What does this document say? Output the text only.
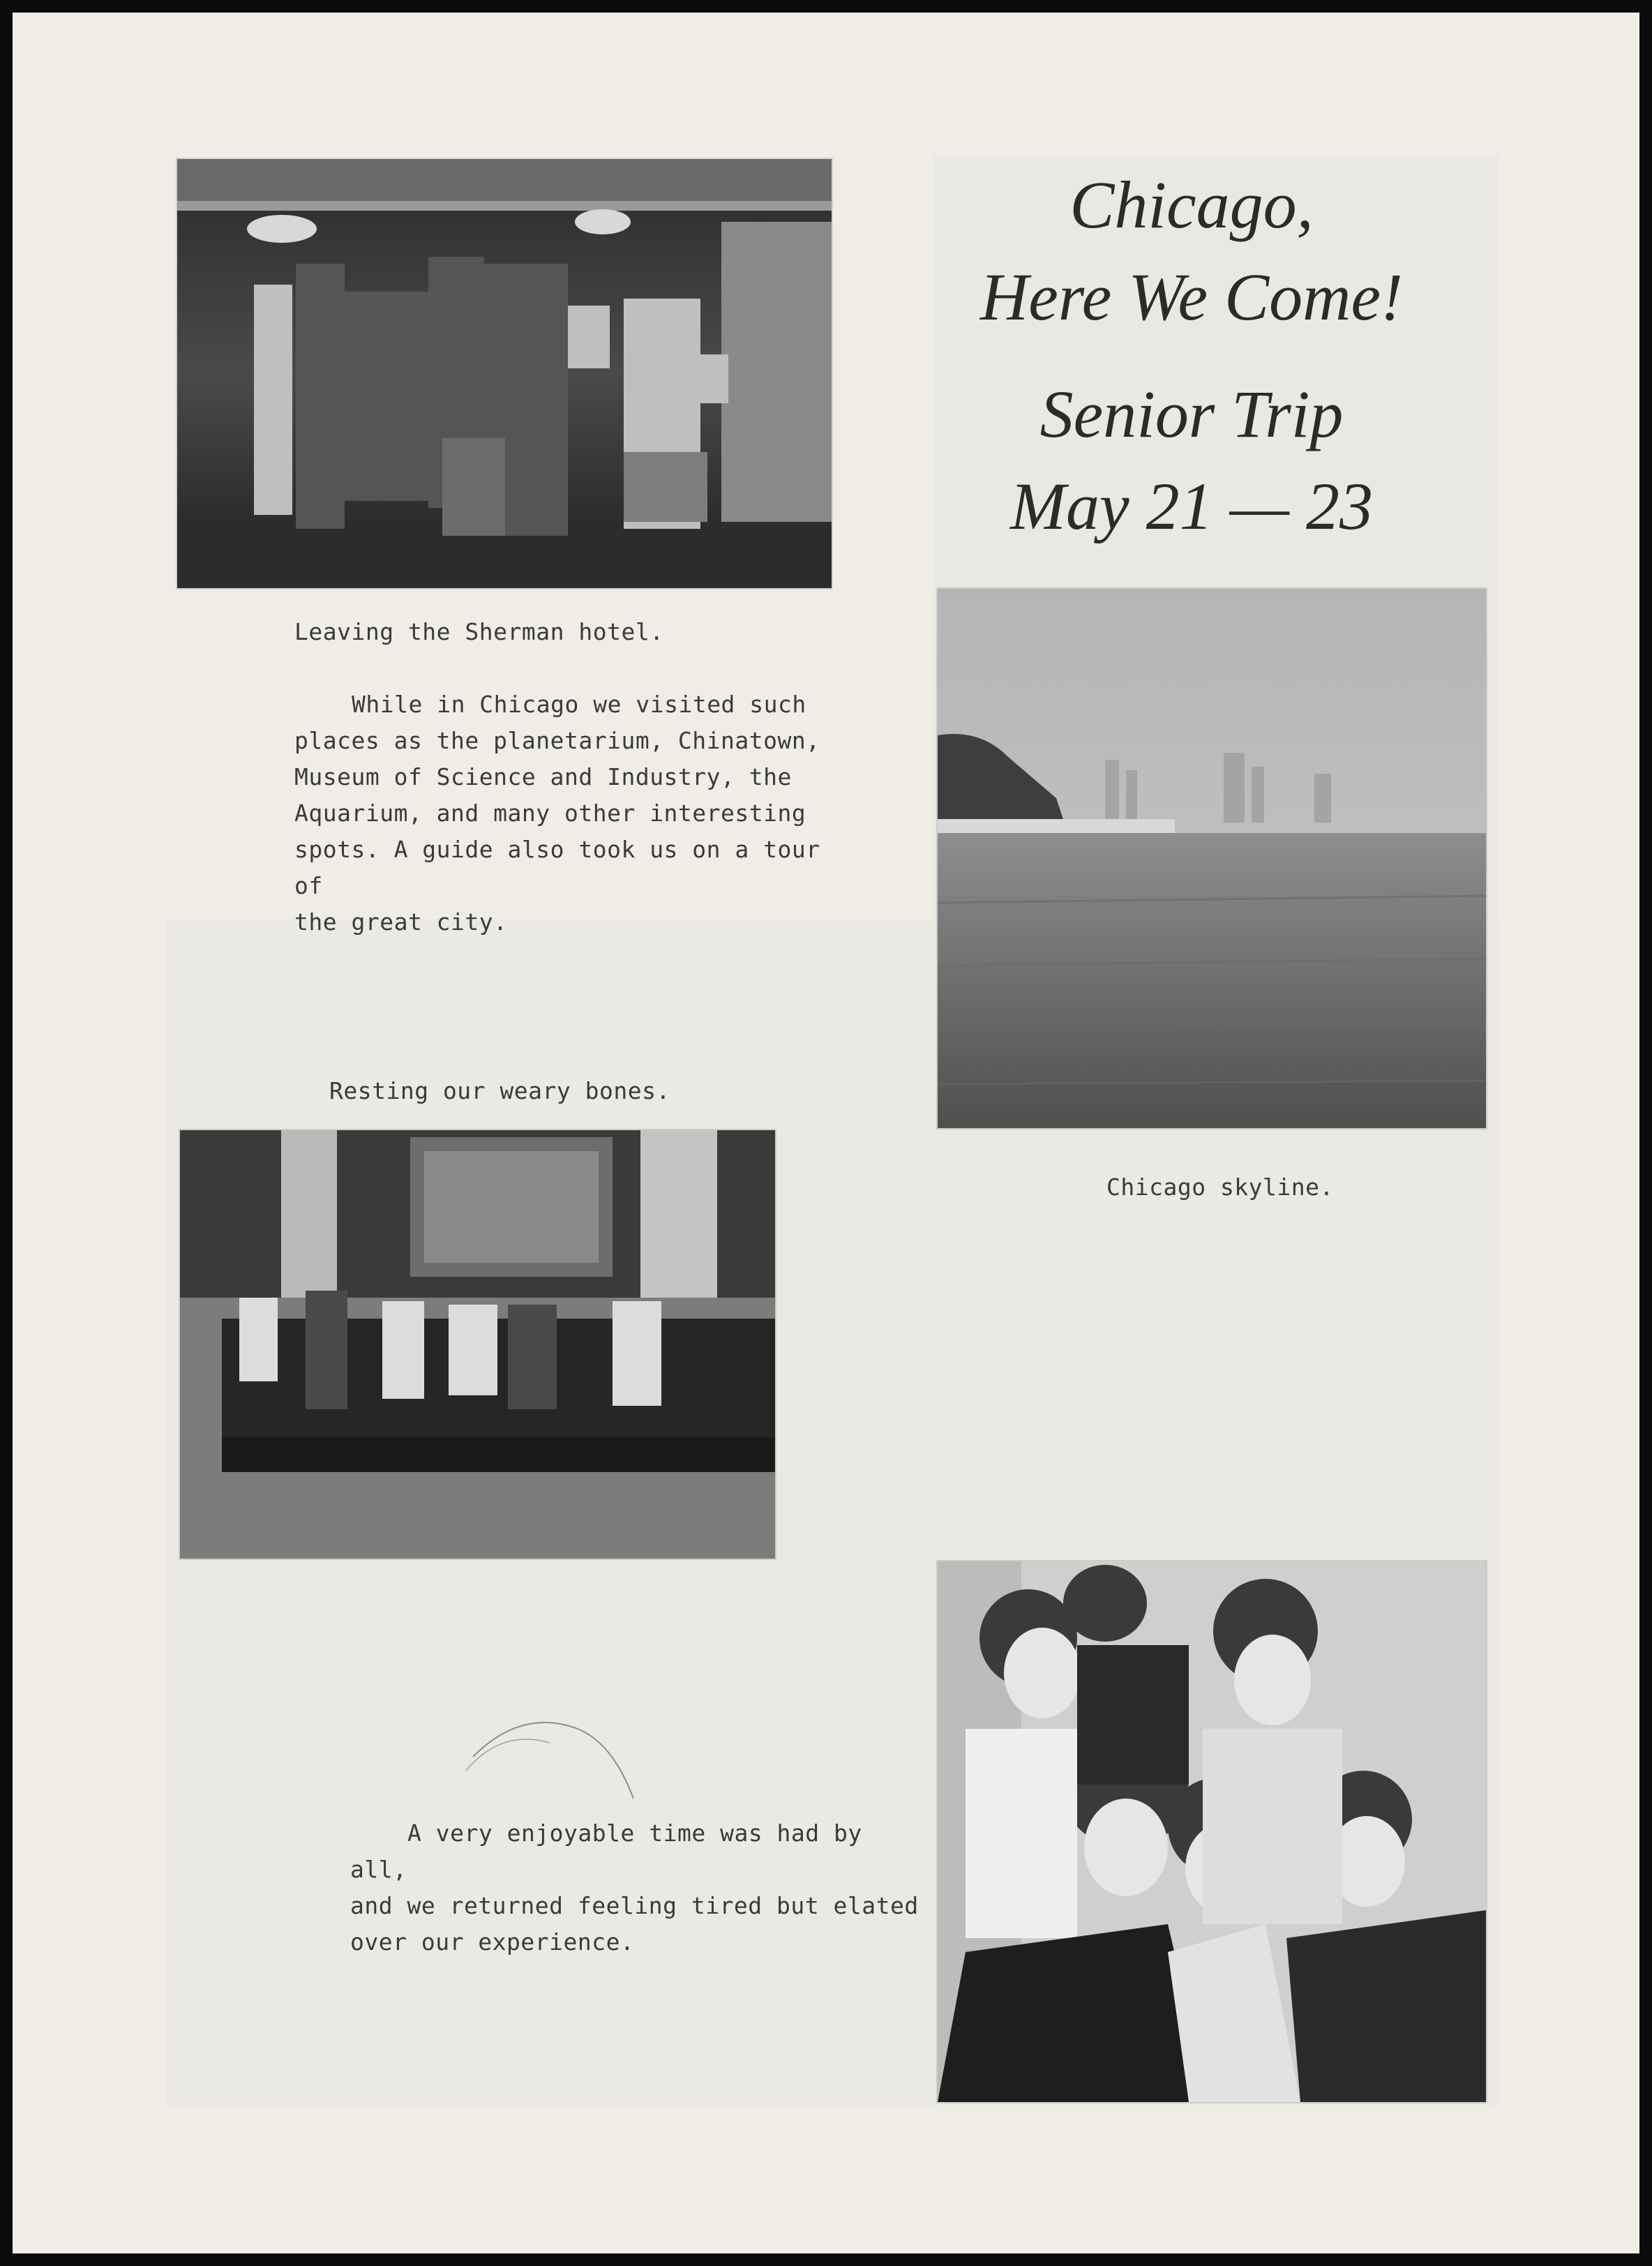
Chicago,
Here We Come!
Senior Trip
May 21 — 23
Leaving the Sherman hotel.
While in Chicago we visited such
places as the planetarium, Chinatown,
Museum of Science and Industry, the
Aquarium, and many other interesting
spots. A guide also took us on a tour of
the great city.
Resting our weary bones.
Chicago skyline.
A very enjoyable time was had by all,
and we returned feeling tired but elated
over our experience.
